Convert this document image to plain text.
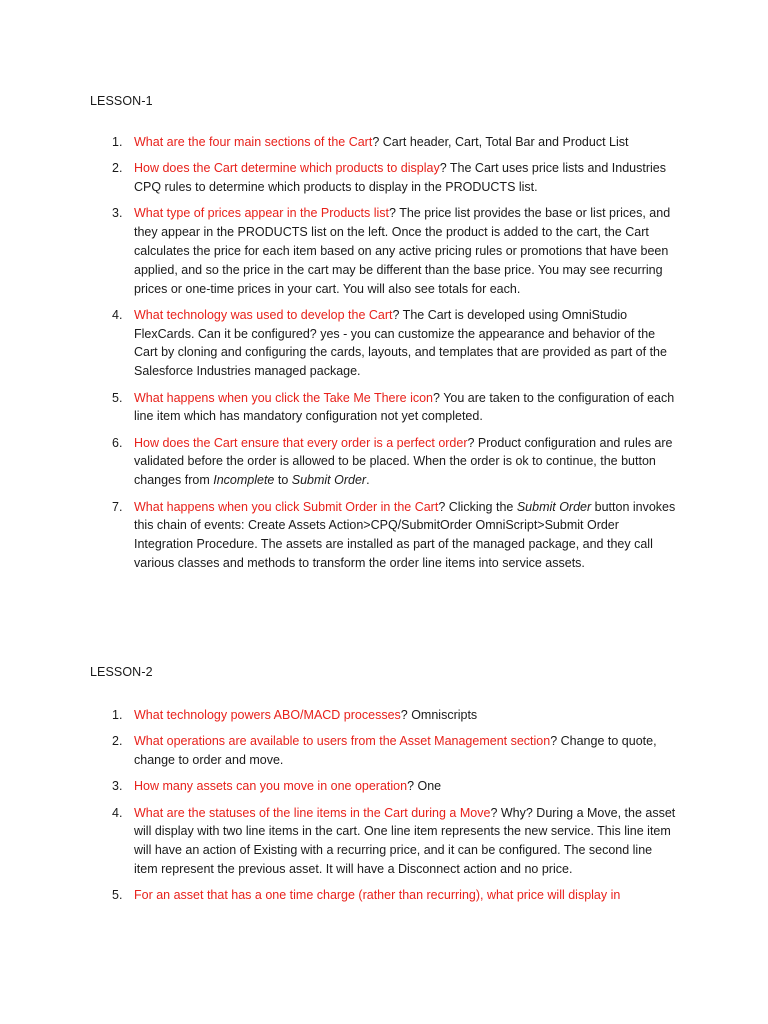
LESSON-1
1. What are the four main sections of the Cart? Cart header, Cart, Total Bar and Product List
2. How does the Cart determine which products to display? The Cart uses price lists and Industries CPQ rules to determine which products to display in the PRODUCTS list.
3. What type of prices appear in the Products list? The price list provides the base or list prices, and they appear in the PRODUCTS list on the left. Once the product is added to the cart, the Cart calculates the price for each item based on any active pricing rules or promotions that have been applied, and so the price in the cart may be different than the base price. You may see recurring prices or one-time prices in your cart. You will also see totals for each.
4. What technology was used to develop the Cart? The Cart is developed using OmniStudio FlexCards. Can it be configured? yes - you can customize the appearance and behavior of the Cart by cloning and configuring the cards, layouts, and templates that are provided as part of the Salesforce Industries managed package.
5. What happens when you click the Take Me There icon? You are taken to the configuration of each line item which has mandatory configuration not yet completed.
6. How does the Cart ensure that every order is a perfect order? Product configuration and rules are validated before the order is allowed to be placed. When the order is ok to continue, the button changes from Incomplete to Submit Order.
7. What happens when you click Submit Order in the Cart? Clicking the Submit Order button invokes this chain of events: Create Assets Action>CPQ/SubmitOrder OmniScript>Submit Order Integration Procedure. The assets are installed as part of the managed package, and they call various classes and methods to transform the order line items into service assets.
LESSON-2
1. What technology powers ABO/MACD processes? Omniscripts
2. What operations are available to users from the Asset Management section? Change to quote, change to order and move.
3. How many assets can you move in one operation? One
4. What are the statuses of the line items in the Cart during a Move? Why? During a Move, the asset will display with two line items in the cart. One line item represents the new service. This line item will have an action of Existing with a recurring price, and it can be configured. The second line item represent the previous asset. It will have a Disconnect action and no price.
5. For an asset that has a one time charge (rather than recurring), what price will display in
